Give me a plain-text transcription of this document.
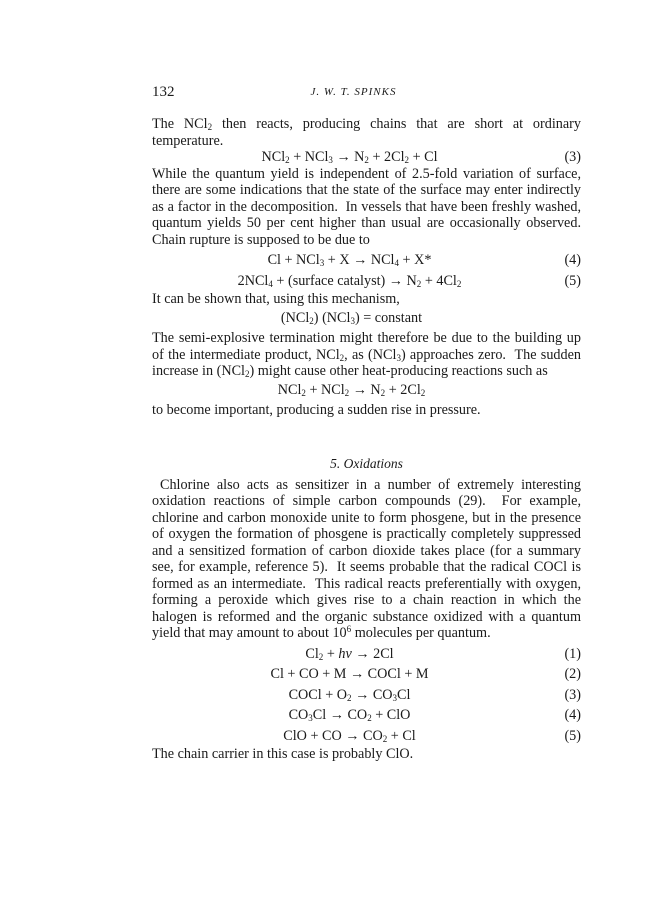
132	J. W. T. SPINKS

The NCl$_2$ then reacts, producing chains that are short at ordinary temperature.

$NCl_2 + NCl_3 \to N_2 + 2Cl_2 + Cl$	(3)

While the quantum yield is independent of 2.5-fold variation of surface, there are some indications that the state of the surface may enter indirectly as a factor in the decomposition.  In vessels that have been freshly washed, quantum yields 50 per cent higher than usual are occasionally observed. Chain rupture is supposed to be due to

Cl + NCl$_3$ + X → NCl$_4$ + X*	(4)
2NCl$_4$ + (surface catalyst) → $N_2 + 4Cl_2$	(5)

It can be shown that, using this mechanism,

(NCl$_2$) (NCl$_3$) = constant

The semi-explosive termination might therefore be due to the building up of the intermediate product, NCl$_2$, as (NCl$_3$) approaches zero.  The sudden increase in (NCl$_2$) might cause other heat-producing reactions such as

$NCl_2 + NCl_2 \to N_2 + 2Cl_2$

to become important, producing a sudden rise in pressure.

5. Oxidations

Chlorine also acts as sensitizer in a number of extremely interesting oxidation reactions of simple carbon compounds (29).  For example, chlorine and carbon monoxide unite to form phosgene, but in the presence of oxygen the formation of phosgene is practically completely suppressed and a sensitized formation of carbon dioxide takes place (for a summary see, for example, reference 5).  It seems probable that the radical COCl is formed as an intermediate.  This radical reacts preferentially with oxygen, forming a peroxide which gives rise to a chain reaction in which the halogen is reformed and the organic substance oxidized with a quantum yield that may amount to about $10^6$ molecules per quantum.

$Cl_2 + h\nu \to 2Cl$	(1)
Cl + CO + M → COCl + M	(2)
COCl + $O_2 \to CO_3Cl$	(3)
$CO_3Cl \to CO_2$ + ClO	(4)
ClO + CO → $CO_2 + Cl$	(5)

The chain carrier in this case is probably ClO.
